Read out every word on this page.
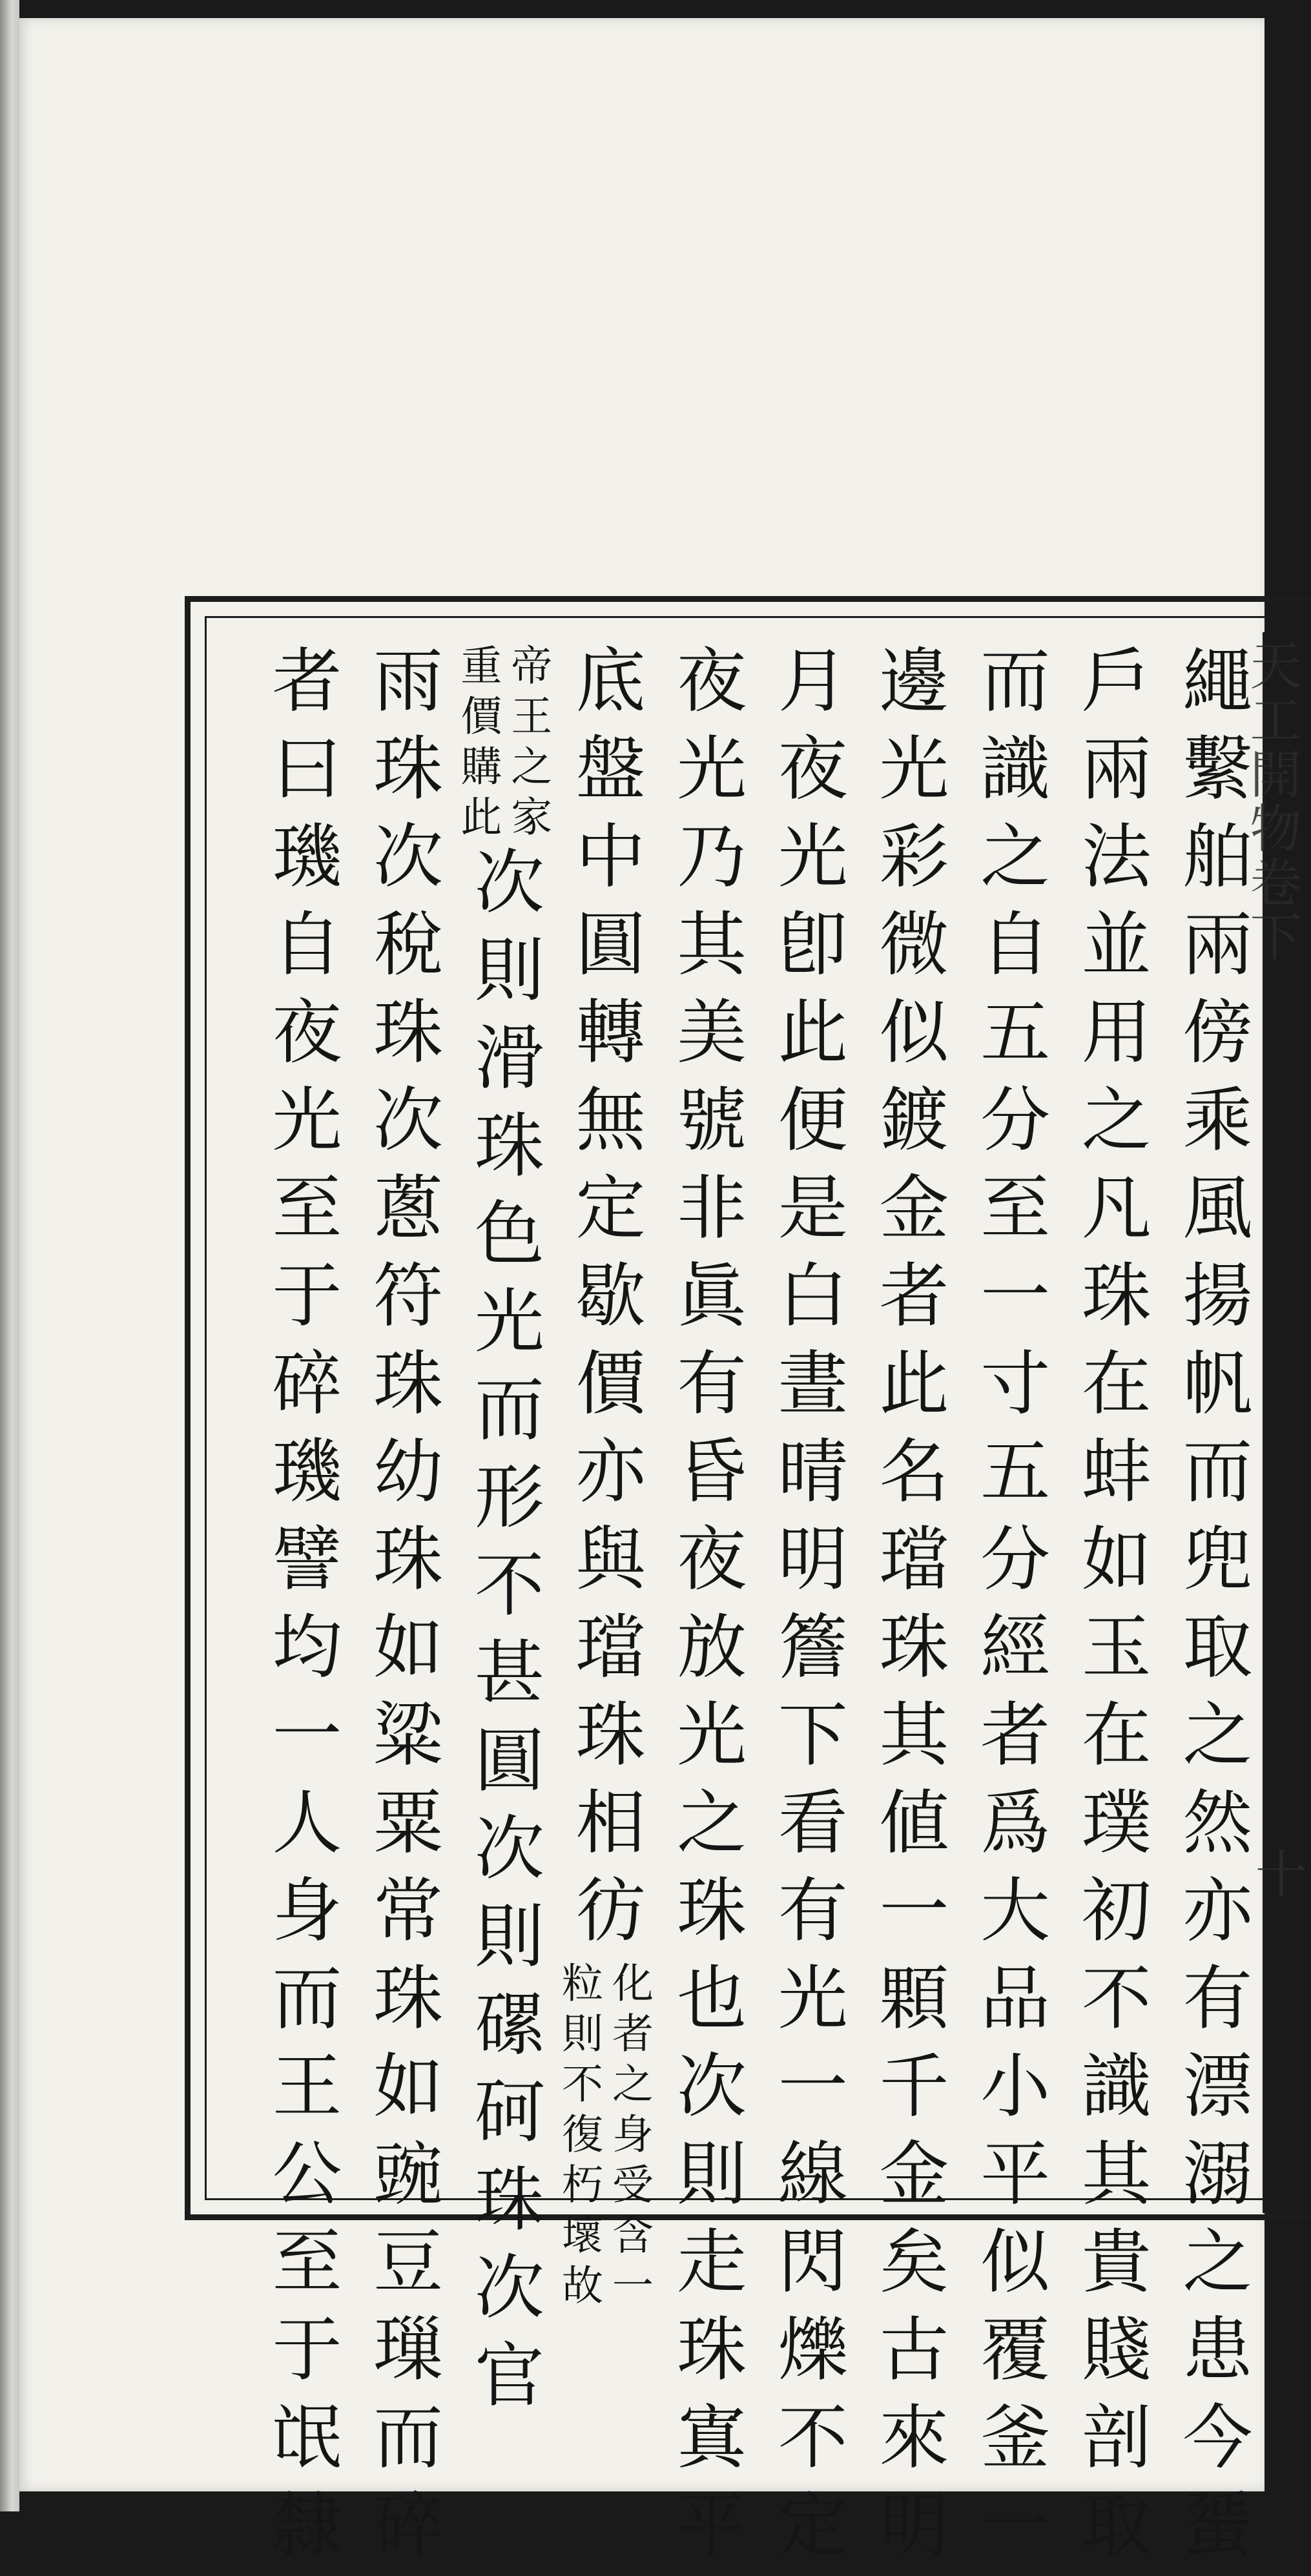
天工開物卷下
十
繩繫舶兩傍乘風揚帆而兜取之然亦有漂溺之患今蜑
戶兩法並用之凡珠在蚌如玉在璞初不識其貴賤剖取
而識之自五分至一寸五分經者爲大品小平似覆釜一
邊光彩微似鍍金者此名璫珠其値一顆千金矣古來明
月夜光卽此便是白晝晴明簷下看有光一線閃爍不定
夜光乃其美號非眞有昏夜放光之珠也次則走珠寘平
底盤中圓轉無定歇價亦與璫珠相彷
化者之身受含一
粒則不復朽壞故
帝王之家
重價購此
次則滑珠色光而形不甚圓次則磥砢珠次官
雨珠次稅珠次蔥符珠幼珠如粱粟常珠如豌豆璅而碎
者曰璣自夜光至于碎璣譬均一人身而王公至于氓隸
